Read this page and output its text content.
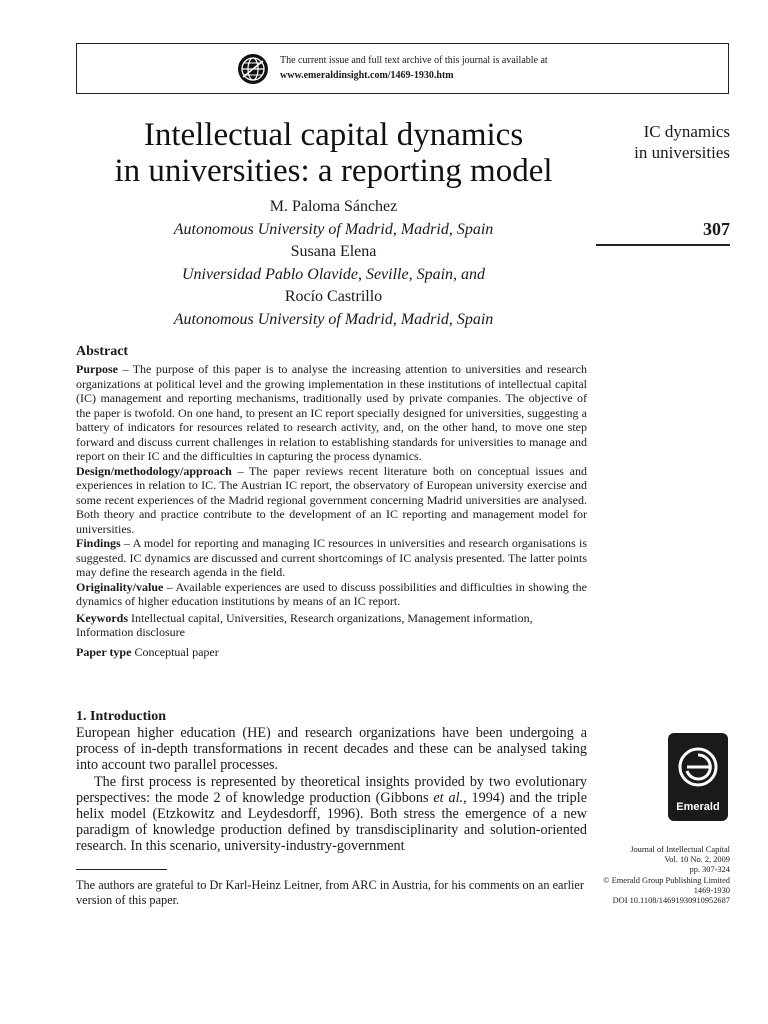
The current issue and full text archive of this journal is available at
www.emeraldinsight.com/1469-1930.htm
Intellectual capital dynamics
in universities: a reporting model
M. Paloma Sánchez
Autonomous University of Madrid, Madrid, Spain
Susana Elena
Universidad Pablo Olavide, Seville, Spain, and
Rocío Castrillo
Autonomous University of Madrid, Madrid, Spain
IC dynamics
in universities
307
Abstract

Purpose – The purpose of this paper is to analyse the increasing attention to universities and research organizations at political level and the growing implementation in these institutions of intellectual capital (IC) management and reporting mechanisms, traditionally used by private companies. The objective of the paper is twofold. On one hand, to present an IC report specially designed for universities, suggesting a battery of indicators for resources related to research activity, and, on the other hand, to move one step forward and discuss current challenges in relation to establishing standards for universities to manage and report on their IC and the difficulties in capturing the process dynamics.

Design/methodology/approach – The paper reviews recent literature both on conceptual issues and experiences in relation to IC. The Austrian IC report, the observatory of European university exercise and some recent experiences of the Madrid regional government concerning Madrid universities are analysed. Both theory and practice contribute to the development of an IC reporting and management model for universities.

Findings – A model for reporting and managing IC resources in universities and research organisations is suggested. IC dynamics are discussed and current shortcomings of IC analysis presented. The latter points may define the research agenda in the field.

Originality/value – Available experiences are used to discuss possibilities and difficulties in showing the dynamics of higher education institutions by means of an IC report.

Keywords Intellectual capital, Universities, Research organizations, Management information, Information disclosure

Paper type Conceptual paper

1. Introduction

European higher education (HE) and research organizations have been undergoing a process of in-depth transformations in recent decades and these can be analysed taking into account two parallel processes.

The first process is represented by theoretical insights provided by two evolutionary perspectives: the mode 2 of knowledge production (Gibbons et al., 1994) and the triple helix model (Etzkowitz and Leydesdorff, 1996). Both stress the emergence of a new paradigm of knowledge production defined by transdisciplinarity and solution-oriented research. In this scenario, university-industry-government

The authors are grateful to Dr Karl-Heinz Leitner, from ARC in Austria, for his comments on an earlier version of this paper.
Emerald
Journal of Intellectual Capital
Vol. 10 No. 2, 2009
pp. 307-324
© Emerald Group Publishing Limited
1469-1930
DOI 10.1108/14691930910952687
